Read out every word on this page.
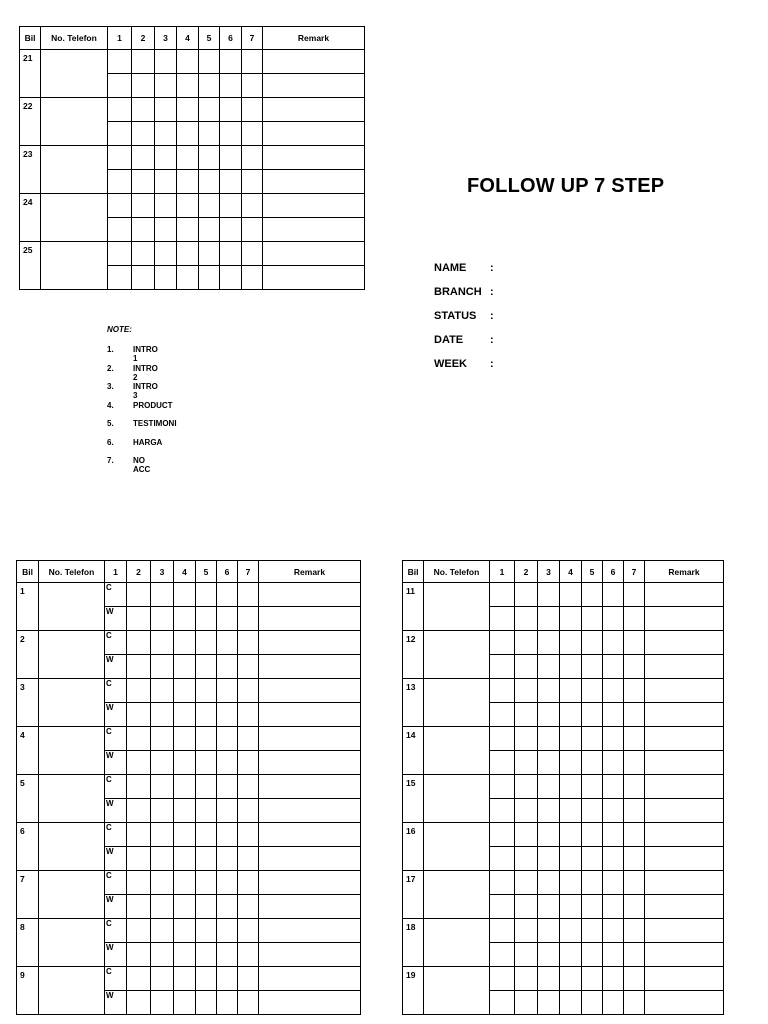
Bil	No. Telefon	1	2	3	4	5	6	7	Remark
21									

22									

23									

24									

25									

FOLLOW UP 7 STEP
NAME :
BRANCH :
STATUS :
DATE :
WEEK :
NOTE:
1. INTRO 1
2. INTRO 2
3. INTRO 3
4. PRODUCT
5. TESTIMONI
6. HARGA
7. NO ACC
Bil	No. Telefon	1	2	3	4	5	6	7	Remark
1		C							
		W							
2		C							
		W							
3		C							
		W							
4		C							
		W							
5		C							
		W							
6		C							
		W							
7		C							
		W							
8		C							
		W							
9		C							
		W							
Bil	No. Telefon	1	2	3	4	5	6	7	Remark
11									

12									

13									

14									

15									

16									

17									

18									

19									
